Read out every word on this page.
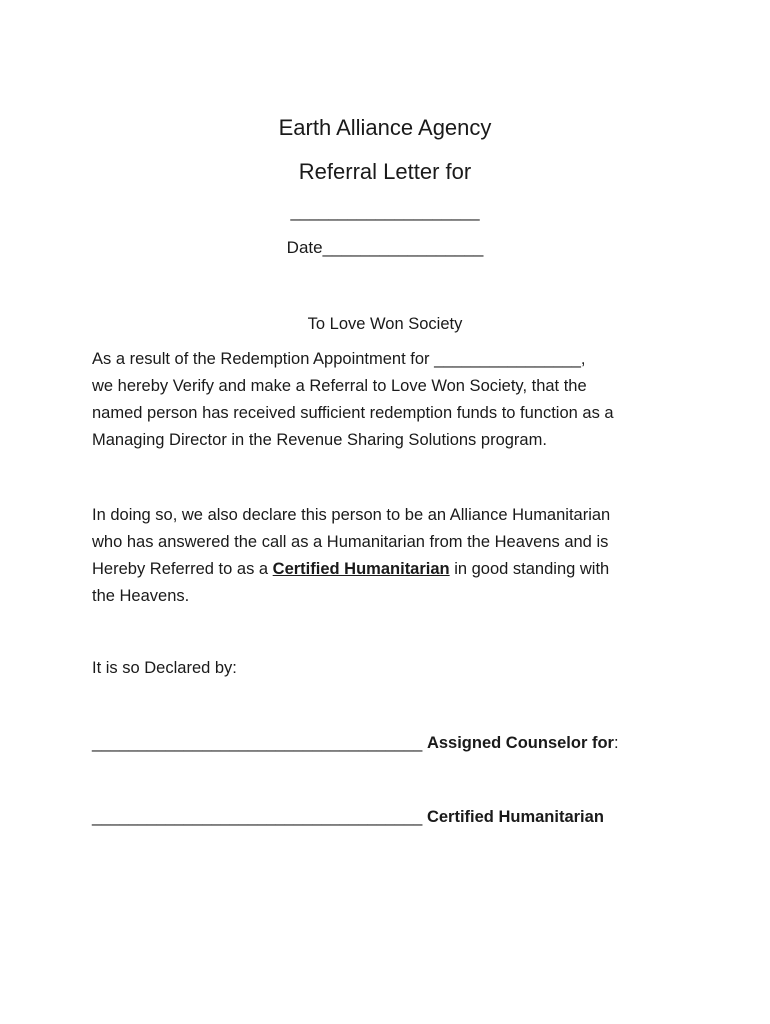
Earth Alliance Agency
Referral Letter for
____________________
Date_________________
To Love Won Society

As a result of the Redemption Appointment for ________________,
we hereby Verify and make a Referral to Love Won Society, that the
named person has received sufficient redemption funds to function as a
Managing Director in the Revenue Sharing Solutions program.

In doing so, we also declare this person to be an Alliance Humanitarian
who has answered the call as a Humanitarian from the Heavens and is
Hereby Referred to as a Certified Humanitarian in good standing with
the Heavens.

It is so Declared by:
____________________________________ Assigned Counselor for:
____________________________________ Certified Humanitarian
